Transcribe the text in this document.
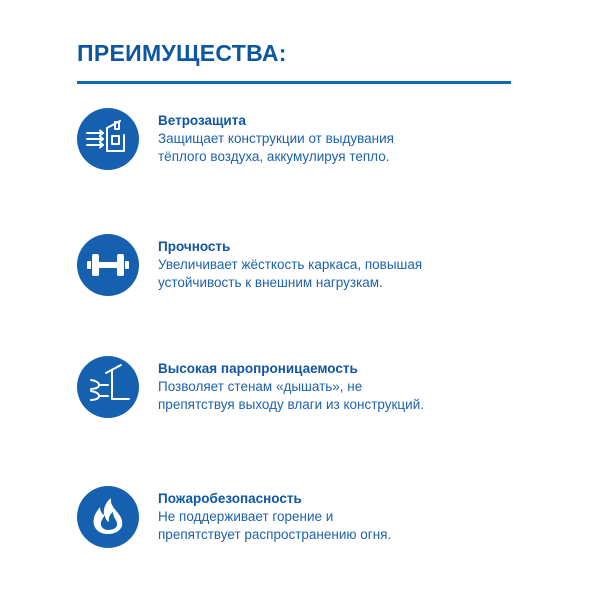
ПРЕИМУЩЕСТВА:
Ветрозащита
Защищает конструкции от выдувания
тёплого воздуха, аккумулируя тепло.
Прочность
Увеличивает жёсткость каркаса, повышая
устойчивость к внешним нагрузкам.
Высокая паропроницаемость
Позволяет стенам «дышать», не
препятствуя выходу влаги из конструкций.
Пожаробезопасность
Не поддерживает горение и
препятствует распространению огня.
